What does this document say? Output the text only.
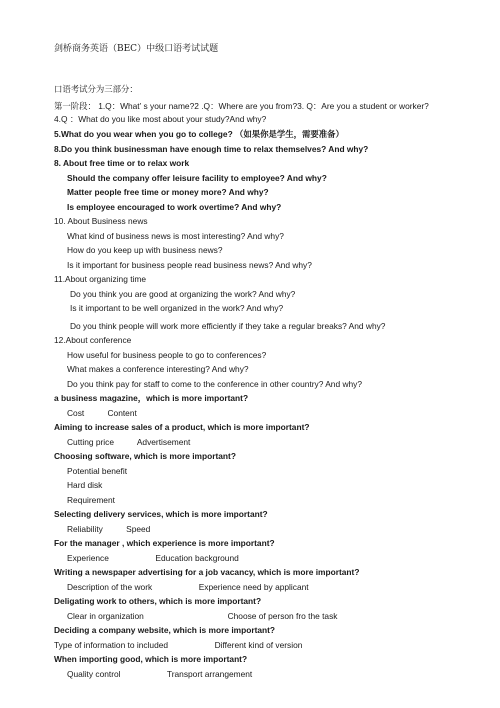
剑桥商务英语（BEC）中级口语考试试题
口语考试分为三部分：
第一阶段： 1.Q：What’ s your name?2 .Q：Where are you from?3. Q：Are you a student or worker?
4.Q ：What do you like most about your study?And why?
5.What do you wear when you go to college? （如果你是学生，需要准备）
8.Do you think businessman have enough time to relax themselves? And why?
8. About free time or to relax work
Should the company offer leisure facility to employee? And why?
Matter people free time or money more? And why?
Is employee encouraged to work overtime? And why?
10. About Business news
What kind of business news is most interesting? And why?
How do you keep up with business news?
Is it important for business people read business news? And why?
11.About organizing time
Do you think you are good at organizing the work? And why?
Is it important to be well organized in the work? And why?
Do you think people will work more efficiently if they take a regular breaks? And why?
12.About conference
How useful for business people to go to conferences?
What makes a conference interesting? And why?
Do you think pay for staff to come to the conference in other country? And why?
a business magazine，which is more important?
Cost          Content
Aiming to increase sales of a product, which is more important?
Cutting price          Advertisement
Choosing software, which is more important?
Potential benefit
Hard disk
Requirement
Selecting delivery services, which is more important?
Reliability          Speed
For the manager , which experience is more important?
Experience                    Education background
Writing a newspaper advertising for a job vacancy, which is more important?
Description of the work                    Experience need by applicant
Deligating work to others, which is more important?
Clear in organization                                    Choose of person fro the task
Deciding a company website, which is more important?
Type of information to included                    Different kind of version
When importing good, which is more important?
Quality control                    Transport arrangement
